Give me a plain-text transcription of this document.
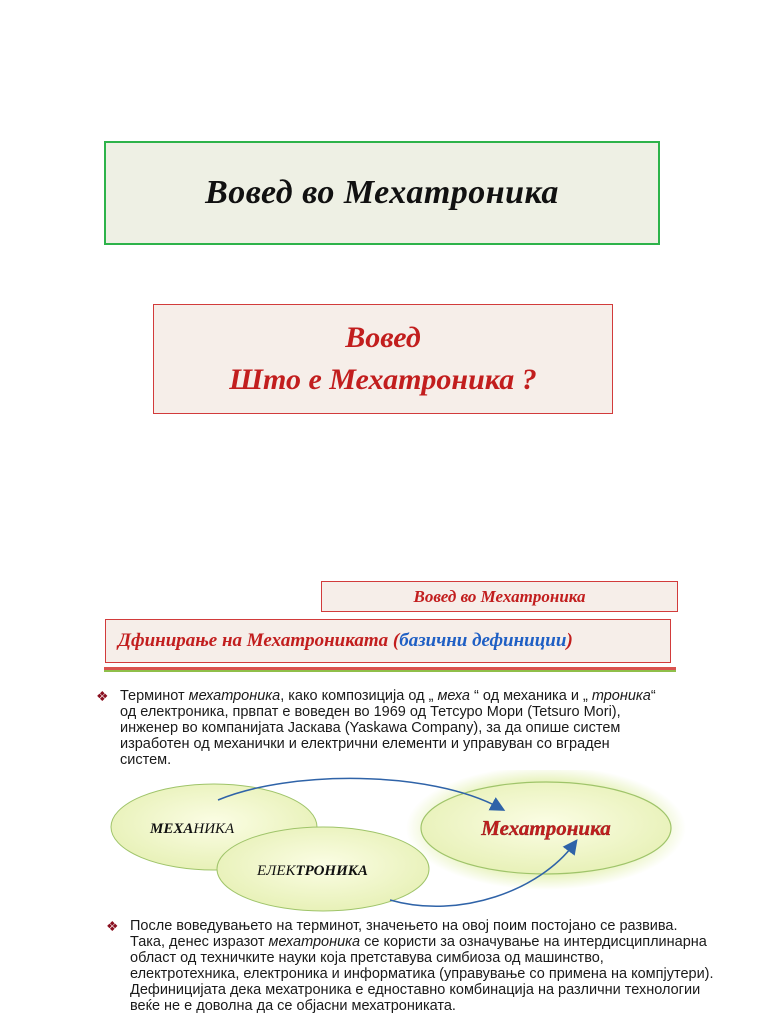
Вовед во Мехатроника
Вовед
Што е Мехатроника ?
Вовед во Мехатроника
Дфинирање на Мехатрониката (базични дефиниции)
❖ Терминот мехатроника, како композиција од „ меха “ од механика и „ троника“ од електроника, првпат е воведен во 1969 од Тетсуро Мори (Tetsuro Mori), инженер во компанијата Јаскава (Yaskawa Company), за да опише систем изработен од механички и електрични елементи и управуван со вграден систем.
МЕХАНИКА
ЕЛЕКТРОНИКА
Мехатроника
❖ После воведувањето на терминот, значењето на овој поим постојано се развива. Така, денес изразот мехатроника се користи за означување на интердисциплинарна област од техничките науки која претставува симбиоза од машинство, електротехника, електроника и информатика (управување со примена на компјутери). Дефиницијата дека мехатроника е едноставно комбинација на различни технологии веќе не е доволна да се објасни мехатрониката.
